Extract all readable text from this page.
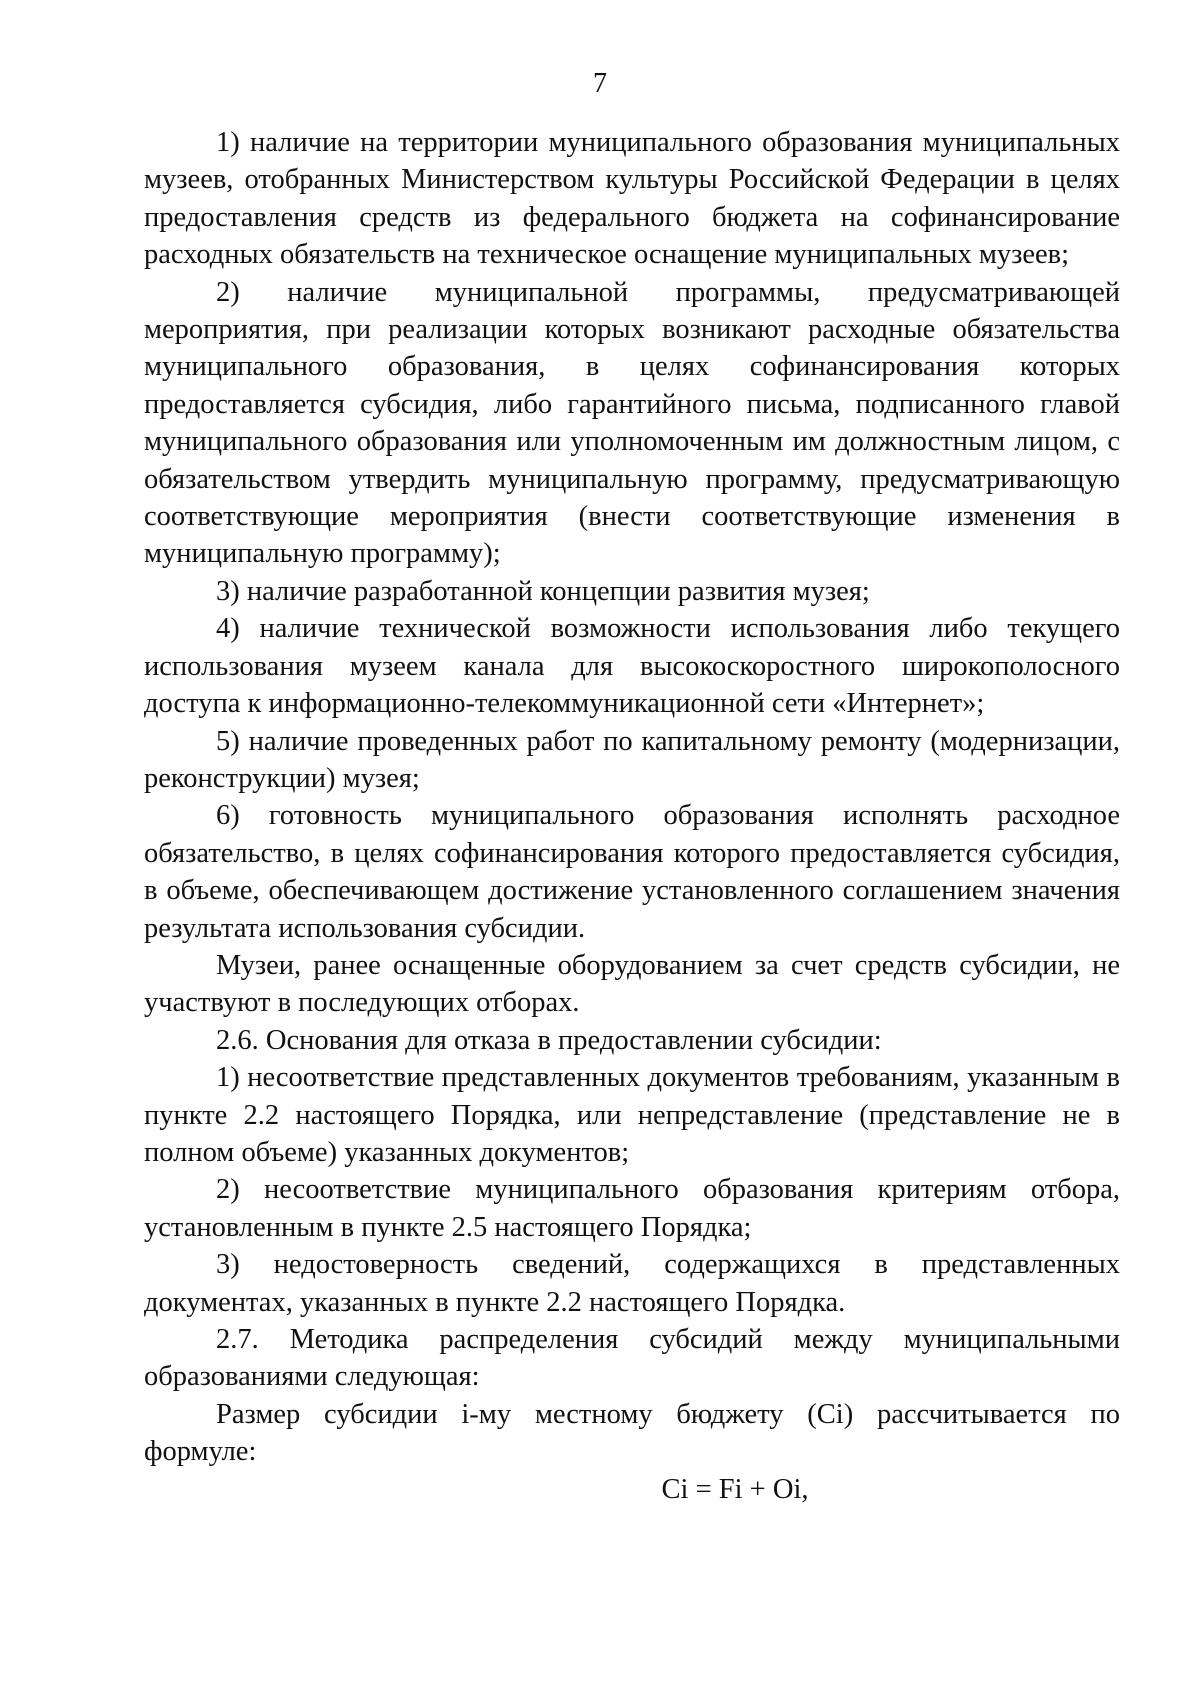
7

1) наличие на территории муниципального образования муниципальных музеев, отобранных Министерством культуры Российской Федерации в целях предоставления средств из федерального бюджета на софинансирование расходных обязательств на техническое оснащение муниципальных музеев;

2) наличие муниципальной программы, предусматривающей мероприятия, при реализации которых возникают расходные обязательства муниципального образования, в целях софинансирования которых предоставляется субсидия, либо гарантийного письма, подписанного главой муниципального образования или уполномоченным им должностным лицом, с обязательством утвердить муниципальную программу, предусматривающую соответствующие мероприятия (внести соответствующие изменения в муниципальную программу);

3) наличие разработанной концепции развития музея;

4) наличие технической возможности использования либо текущего использования музеем канала для высокоскоростного широкополосного доступа к информационно-телекоммуникационной сети «Интернет»;

5) наличие проведенных работ по капитальному ремонту (модернизации, реконструкции) музея;

6) готовность муниципального образования исполнять расходное обязательство, в целях софинансирования которого предоставляется субсидия, в объеме, обеспечивающем достижение установленного соглашением значения результата использования субсидии.

Музеи, ранее оснащенные оборудованием за счет средств субсидии, не участвуют в последующих отборах.

2.6. Основания для отказа в предоставлении субсидии:

1) несоответствие представленных документов требованиям, указанным в пункте 2.2 настоящего Порядка, или непредставление (представление не в полном объеме) указанных документов;

2) несоответствие муниципального образования критериям отбора, установленным в пункте 2.5 настоящего Порядка;

3) недостоверность сведений, содержащихся в представленных документах, указанных в пункте 2.2 настоящего Порядка.

2.7. Методика распределения субсидий между муниципальными образованиями следующая:

Размер субсидии i-му местному бюджету (Ci) рассчитывается по формуле:

Ci = Fi + Oi,
